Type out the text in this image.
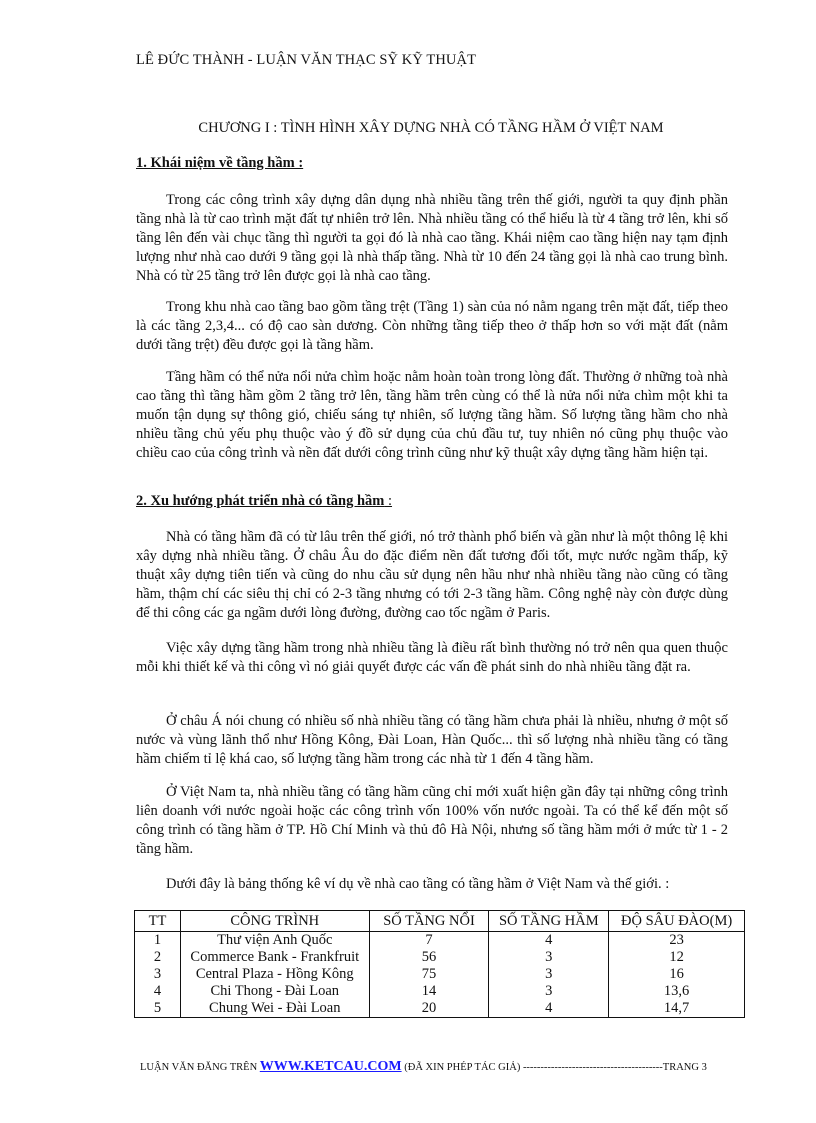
LÊ ĐỨC THÀNH - LUẬN VĂN THẠC SỸ KỸ THUẬT
CHƯƠNG I : TÌNH HÌNH XÂY DỰNG NHÀ CÓ TẦNG HẦM Ở VIỆT NAM
1. Khái niệm về tầng hầm :

Trong các công trình xây dựng dân dụng nhà nhiều tầng trên thế giới, người ta quy định phần tầng nhà là từ cao trình mặt đất tự nhiên trở lên. Nhà nhiều tầng có thể hiểu là từ 4 tầng trở lên, khi số tầng lên đến vài chục tầng thì người ta gọi đó là nhà cao tầng. Khái niệm cao tầng hiện nay tạm định lượng như nhà cao dưới 9 tầng gọi là nhà thấp tầng. Nhà từ 10 đến 24 tầng gọi là nhà cao trung bình. Nhà có từ 25 tầng trở lên được gọi là nhà cao tầng.

Trong khu nhà cao tầng bao gồm tầng trệt (Tầng 1) sàn của nó nằm ngang trên mặt đất, tiếp theo là các tầng 2,3,4... có độ cao sàn dương. Còn những tầng tiếp theo ở thấp hơn so với mặt đất (nằm dưới tầng trệt) đều được gọi là tầng hầm.

Tầng hầm có thể nửa nổi nửa chìm hoặc nằm hoàn toàn trong lòng đất. Thường ở những toà nhà cao tầng thì tầng hầm gồm 2 tầng trở lên, tầng hầm trên cùng có thể là nửa nổi nửa chìm một khi ta muốn tận dụng sự thông gió, chiếu sáng tự nhiên, số lượng tầng hầm. Số lượng tầng hầm cho nhà nhiều tầng chủ yếu phụ thuộc vào ý đồ sử dụng của chủ đầu tư, tuy nhiên nó cũng phụ thuộc vào chiều cao của công trình và nền đất dưới công trình cũng như kỹ thuật xây dựng tầng hầm hiện tại.

2. Xu hướng phát triển nhà có tầng hầm :

Nhà có tầng hầm đã có từ lâu trên thế giới, nó trở thành phổ biến và gần như là một thông lệ khi xây dựng nhà nhiều tầng. Ở châu Âu do đặc điểm nền đất tương đối tốt, mực nước ngầm thấp, kỹ thuật xây dựng tiên tiến và cũng do nhu cầu sử dụng nên hầu như nhà nhiều tầng nào cũng có tầng hầm, thậm chí các siêu thị chỉ có 2-3 tầng nhưng có tới 2-3 tầng hầm. Công nghệ này còn được dùng để thi công các ga ngầm dưới lòng đường, đường cao tốc ngầm ở Paris.

Việc xây dựng tầng hầm trong nhà nhiều tầng là điều rất bình thường nó trở nên qua quen thuộc mỗi khi thiết kế và thi công vì nó giải quyết được các vấn đề phát sinh do nhà nhiều tầng đặt ra.

Ở châu Á nói chung có nhiều số nhà nhiều tầng có tầng hầm chưa phải là nhiều, nhưng ở một số nước và vùng lãnh thổ như Hồng Kông, Đài Loan, Hàn Quốc... thì số lượng nhà nhiều tầng có tầng hầm chiếm tỉ lệ khá cao, số lượng tầng hầm trong các nhà từ 1 đến 4 tầng hầm.

Ở Việt Nam ta, nhà nhiều tầng có tầng hầm cũng chỉ mới xuất hiện gần đây tại những công trình liên doanh với nước ngoài hoặc các công trình vốn 100% vốn nước ngoài. Ta có thể kể đến một số công trình có tầng hầm ở TP. Hồ Chí Minh và thủ đô Hà Nội, nhưng số tầng hầm mới ở mức từ 1 - 2 tầng hầm.

Dưới đây là bảng thống kê ví dụ về nhà cao tầng có tầng hầm ở Việt Nam và thế giới. :

TT	CÔNG TRÌNH	SỐ TẦNG NỔI	SỐ TẦNG HẦM	ĐỘ SÂU ĐÀO(M)
1	Thư viện Anh Quốc	7	4	23
2	Commerce Bank - Frankfruit	56	3	12
3	Central Plaza - Hồng Kông	75	3	16
4	Chi Thong - Đài Loan	14	3	13,6
5	Chung Wei - Đài Loan	20	4	14,7
LUẬN VĂN ĐĂNG TRÊN WWW.KETCAU.COM (ĐÃ XIN PHÉP TÁC GIẢ) ----------------------------------------TRANG 3
